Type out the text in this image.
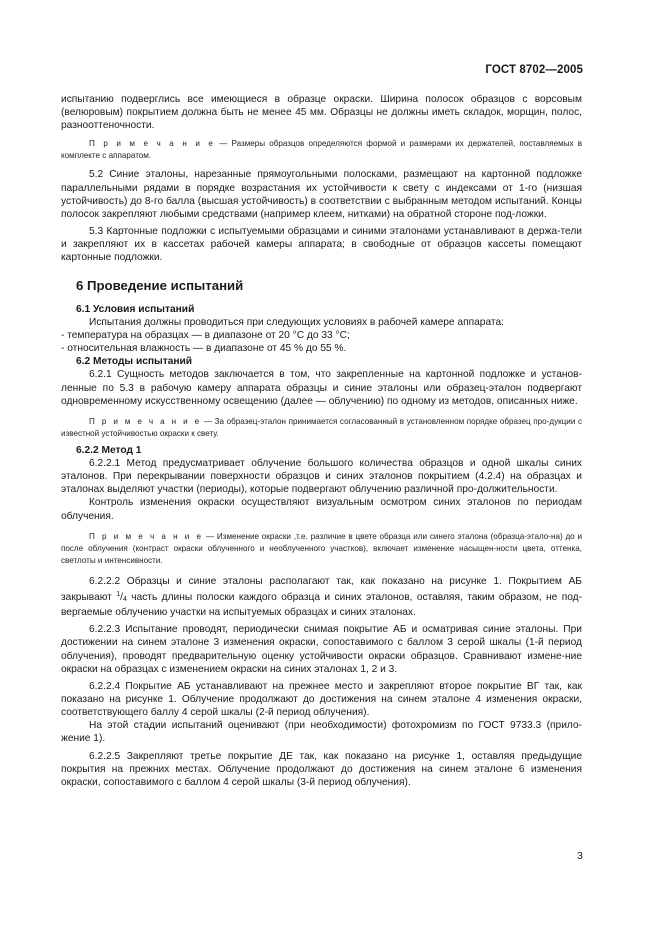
ГОСТ 8702—2005

испытанию подверглись все имеющиеся в образце окраски. Ширина полосок образцов с ворсовым (велюровым) покрытием должна быть не менее 45 мм. Образцы не должны иметь складок, морщин, полос, разнооттеночности.

П р и м е ч а н и е — Размеры образцов определяются формой и размерами их держателей, поставляемых в комплекте с аппаратом.

5.2 Синие эталоны, нарезанные прямоугольными полосками, размещают на картонной подложке параллельными рядами в порядке возрастания их устойчивости к свету с индексами от 1-го (низшая устойчивость) до 8-го балла (высшая устойчивость) в соответствии с выбранным методом испытаний. Концы полосок закрепляют любыми средствами (например клеем, нитками) на обратной стороне под-ложки.

5.3 Картонные подложки с испытуемыми образцами и синими эталонами устанавливают в держа-тели и закрепляют их в кассетах рабочей камеры аппарата; в свободные от образцов кассеты помещают картонные подложки.

6 Проведение испытаний
6.1 Условия испытаний

Испытания должны проводиться при следующих условиях в рабочей камере аппарата:

- температура на образцах — в диапазоне от 20 °C до 33 °C;

- относительная влажность — в диапазоне от 45 % до 55 %.

6.2 Методы испытаний

6.2.1 Сущность методов заключается в том, что закрепленные на картонной подложке и установ-ленные по 5.3 в рабочую камеру аппарата образцы и синие эталоны или образец-эталон подвергают одновременному искусственному освещению (далее — облучению) по одному из методов, описанных ниже.

П р и м е ч а н и е — За образец-эталон принимается согласованный в установленном порядке образец про-дукции с известной устойчивостью окраски к свету.

6.2.2 Метод 1

6.2.2.1 Метод предусматривает облучение большого количества образцов и одной шкалы синих эталонов. При перекрывании поверхности образцов и синих эталонов покрытием (4.2.4) на образцах и эталонах выделяют участки (периоды), которые подвергают облучению различной про-должительности.

Контроль изменения окраски осуществляют визуальным осмотром синих эталонов по периодам облучения.

П р и м е ч а н и е — Изменение окраски ,т.е. различие в цвете образца или синего эталона (образца-этало-на) до и после облучения (контраст окраски облученного и необлученного участков), включает изменение насыщен-ности цвета, оттенка, светлоты и интенсивности.

6.2.2.2 Образцы и синие эталоны располагают так, как показано на рисунке 1. Покрытием АБ закрывают $^1/_4$ часть длины полоски каждого образца и синих эталонов, оставляя, таким образом, не под-вергаемые облучению участки на испытуемых образцах и синих эталонах.

6.2.2.3 Испытание проводят, периодически снимая покрытие АБ и осматривая синие эталоны. При достижении на синем эталоне 3 изменения окраски, сопоставимого с баллом 3 серой шкалы (1-й период облучения), проводят предварительную оценку устойчивости окраски образцов. Сравнивают измене-ние окраски на образцах с изменением окраски на синих эталонах 1, 2 и 3.

6.2.2.4 Покрытие АБ устанавливают на прежнее место и закрепляют второе покрытие ВГ так, как показано на рисунке 1. Облучение продолжают до достижения на синем эталоне 4 изменения окраски, соответствующего баллу 4 серой шкалы (2-й период облучения).

На этой стадии испытаний оценивают (при необходимости) фотохромизм по ГОСТ 9733.3 (прило-жение 1).

6.2.2.5 Закрепляют третье покрытие ДЕ так, как показано на рисунке 1, оставляя предыдущие покрытия на прежних местах. Облучение продолжают до достижения на синем эталоне 6 изменения окраски, сопоставимого с баллом 4 серой шкалы (3-й период облучения).

3
